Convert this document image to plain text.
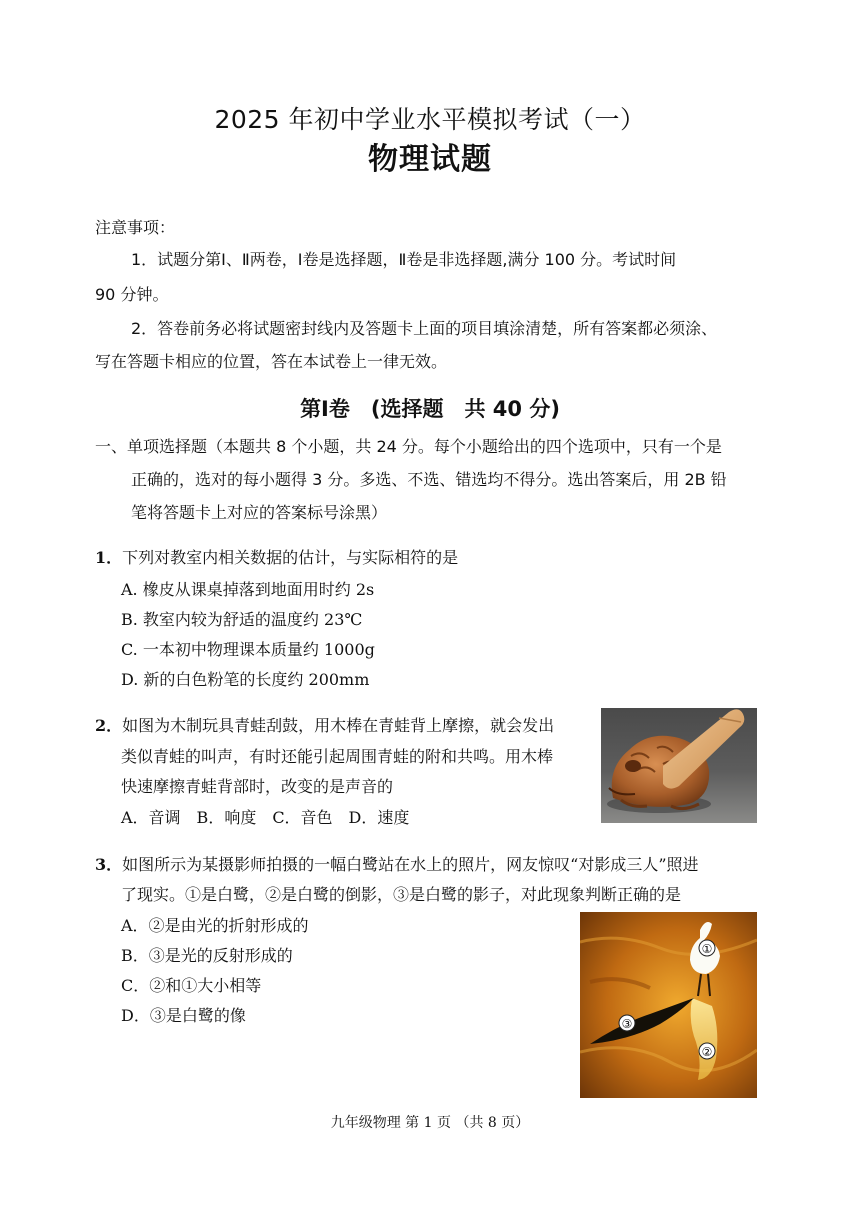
2025 年初中学业水平模拟考试（一）
物理试题
注意事项：
1．试题分第Ⅰ、Ⅱ两卷，Ⅰ卷是选择题，Ⅱ卷是非选择题,满分 100 分。考试时间
90 分钟。
2．答卷前务必将试题密封线内及答题卡上面的项目填涂清楚，所有答案都必须涂、
写在答题卡相应的位置，答在本试卷上一律无效。
第Ⅰ卷　(选择题　共 40 分)
一、单项选择题（本题共 8 个小题，共 24 分。每个小题给出的四个选项中，只有一个是
正确的，选对的每小题得 3 分。多选、不选、错选均不得分。选出答案后，用 2B 铅
笔将答题卡上对应的答案标号涂黑）
1．下列对教室内相关数据的估计，与实际相符的是
A. 橡皮从课桌掉落到地面用时约 2s
B. 教室内较为舒适的温度约 23℃
C. 一本初中物理课本质量约 1000g
D. 新的白色粉笔的长度约 200mm
2．如图为木制玩具青蛙刮鼓，用木棒在青蛙背上摩擦，就会发出
类似青蛙的叫声，有时还能引起周围青蛙的附和共鸣。用木棒
快速摩擦青蛙背部时，改变的是声音的
A．音调　B．响度　C．音色　D．速度
3．如图所示为某摄影师拍摄的一幅白鹭站在水上的照片，网友惊叹“对影成三人”照进
了现实。①是白鹭，②是白鹭的倒影，③是白鹭的影子，对此现象判断正确的是
A．②是由光的折射形成的
B．③是光的反射形成的
C．②和①大小相等
D．③是白鹭的像
①
②
③
九年级物理 第 1 页 （共 8 页）
